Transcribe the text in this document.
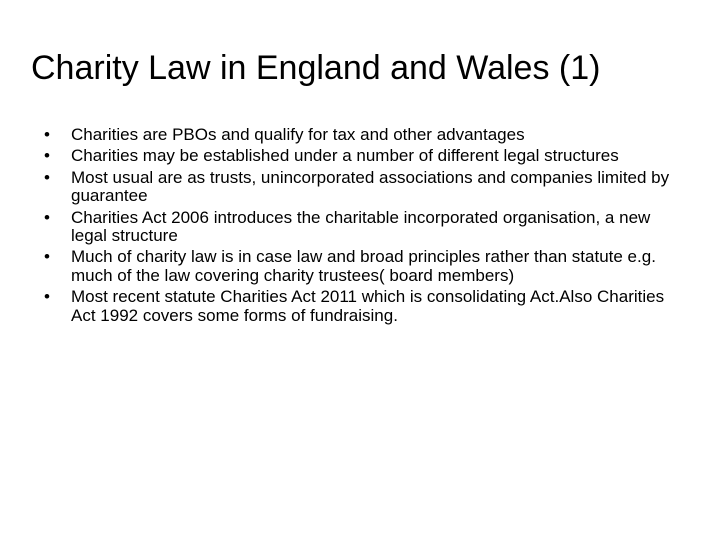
Charity Law in England and Wales (1)
• Charities are PBOs and qualify for tax and other advantages
• Charities may be established under a number of different legal structures
• Most usual are as trusts, unincorporated associations and companies limited by guarantee
• Charities Act 2006 introduces the charitable incorporated organisation, a new legal structure
• Much of charity law is in case law and broad principles rather than statute e.g. much of the law covering charity trustees( board members)
• Most recent statute Charities Act 2011 which is consolidating Act.Also Charities Act 1992 covers some forms of fundraising.
